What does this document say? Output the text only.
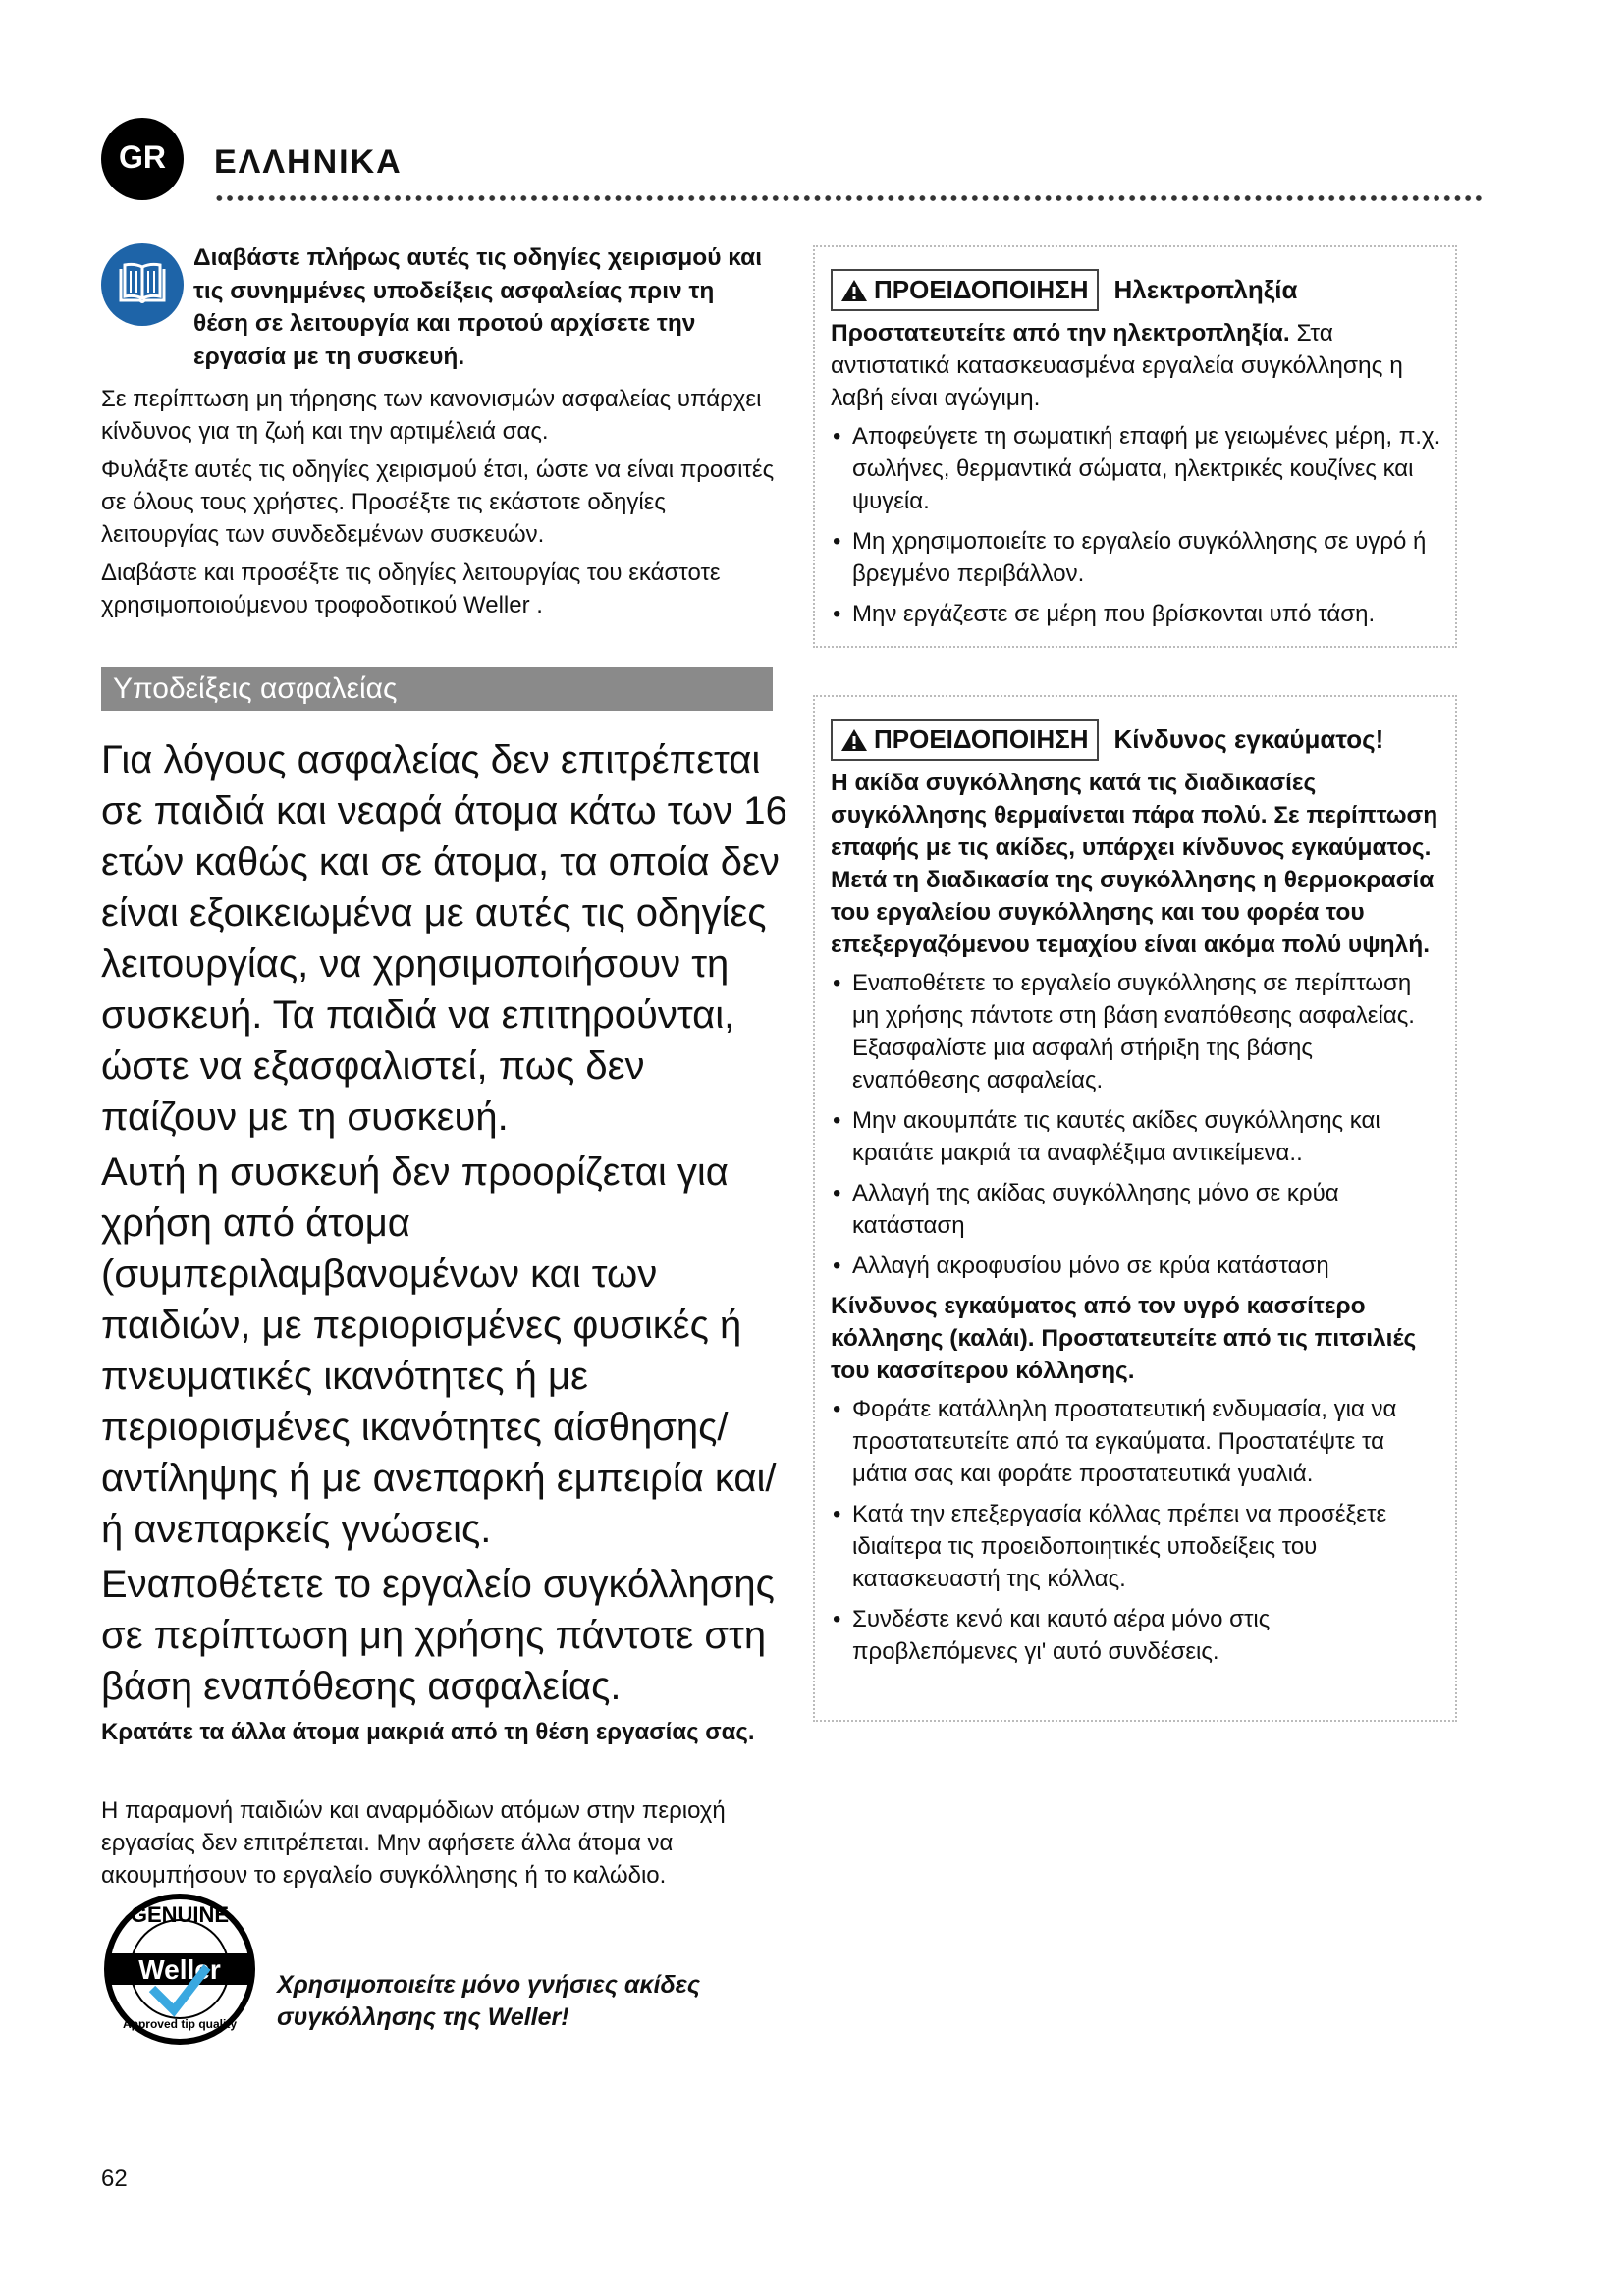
GR	ΕΛΛΗΝΙΚΑ
Διαβάστε πλήρως αυτές τις οδηγίες χειρισμού και τις συνημμένες υποδείξεις ασφαλείας πριν τη θέση σε λειτουργία και προτού αρχίσετε την εργασία με τη συσκευή.

Σε περίπτωση μη τήρησης των κανονισμών ασφαλείας υπάρχει κίνδυνος για τη ζωή και την αρτιμέλειά σας.

Φυλάξτε αυτές τις οδηγίες χειρισμού έτσι, ώστε να είναι προσιτές σε όλους τους χρήστες. Προσέξτε τις εκάστοτε οδηγίες λειτουργίας των συνδεδεμένων συσκευών.

Διαβάστε και προσέξτε τις οδηγίες λειτουργίας του εκάστοτε χρησιμοποιούμενου τροφοδοτικού Weller .

Υποδείξεις ασφαλείας

Για λόγους ασφαλείας δεν επιτρέπεται σε παιδιά και νεαρά άτομα κάτω των 16 ετών καθώς και σε άτομα, τα οποία δεν είναι εξοικειωμένα με αυτές τις οδηγίες λειτουργίας, να χρησιμοποιήσουν τη συσκευή. Τα παιδιά να επιτηρούνται, ώστε να εξασφαλιστεί, πως δεν παίζουν με τη συσκευή.

Αυτή η συσκευή δεν προορίζεται για χρήση από άτομα (συμπεριλαμβανομένων και των παιδιών, με περιορισμένες φυσικές ή πνευματικές ικανότητες ή με περιορισμένες ικανότητες αίσθησης/ αντίληψης ή με ανεπαρκή εμπειρία και/ή ανεπαρκείς γνώσεις.

Εναποθέτετε το εργαλείο συγκόλλησης σε περίπτωση μη χρήσης πάντοτε στη βάση εναπόθεσης ασφαλείας.

Κρατάτε τα άλλα άτομα μακριά από τη θέση εργασίας σας.
Η παραμονή παιδιών και αναρμόδιων ατόμων στην περιοχή εργασίας δεν επιτρέπεται. Μην αφήσετε άλλα άτομα να ακουμπήσουν το εργαλείο συγκόλλησης ή το καλώδιο.
Weller
GENUINE
Approved tip quality
Χρησιμοποιείτε μόνο γνήσιες ακίδες
συγκόλλησης της Weller!
62
ΠΡΟΕΙΔΟΠΟΙΗΣΗ Ηλεκτροπληξία

Προστατευτείτε από την ηλεκτροπληξία. Στα αντιστατικά κατασκευασμένα εργαλεία συγκόλλησης η λαβή είναι αγώγιμη.

• Αποφεύγετε τη σωματική επαφή με γειωμένες μέρη, π.χ. σωλήνες, θερμαντικά σώματα, ηλεκτρικές κουζίνες και ψυγεία.
• Μη χρησιμοποιείτε το εργαλείο συγκόλλησης σε υγρό ή βρεγμένο περιβάλλον.
• Μην εργάζεστε σε μέρη που βρίσκονται υπό τάση.
ΠΡΟΕΙΔΟΠΟΙΗΣΗ Κίνδυνος εγκαύματος!

Η ακίδα συγκόλλησης κατά τις διαδικασίες συγκόλλησης θερμαίνεται πάρα πολύ. Σε περίπτωση επαφής με τις ακίδες, υπάρχει κίνδυνος εγκαύματος. Μετά τη διαδικασία της συγκόλλησης η θερμοκρασία του εργαλείου συγκόλλησης και του φορέα του επεξεργαζόμενου τεμαχίου είναι ακόμα πολύ υψηλή.

• Εναποθέτετε το εργαλείο συγκόλλησης σε περίπτωση μη χρήσης πάντοτε στη βάση εναπόθεσης ασφαλείας. Εξασφαλίστε μια ασφαλή στήριξη της βάσης εναπόθεσης ασφαλείας.
• Μην ακουμπάτε τις καυτές ακίδες συγκόλλησης και κρατάτε μακριά τα αναφλέξιμα αντικείμενα..
• Αλλαγή της ακίδας συγκόλλησης μόνο σε κρύα κατάσταση
• Αλλαγή ακροφυσίου μόνο σε κρύα κατάσταση

Κίνδυνος εγκαύματος από τον υγρό κασσίτερο κόλλησης (καλάι). Προστατευτείτε από τις πιτσιλιές του κασσίτερου κόλλησης.

• Φοράτε κατάλληλη προστατευτική ενδυμασία, για να προστατευτείτε από τα εγκαύματα. Προστατέψτε τα μάτια σας και φοράτε προστατευτικά γυαλιά.
• Κατά την επεξεργασία κόλλας πρέπει να προσέξετε ιδιαίτερα τις προειδοποιητικές υποδείξεις του κατασκευαστή της κόλλας.
• Συνδέστε κενό και καυτό αέρα μόνο στις προβλεπόμενες γι' αυτό συνδέσεις.
